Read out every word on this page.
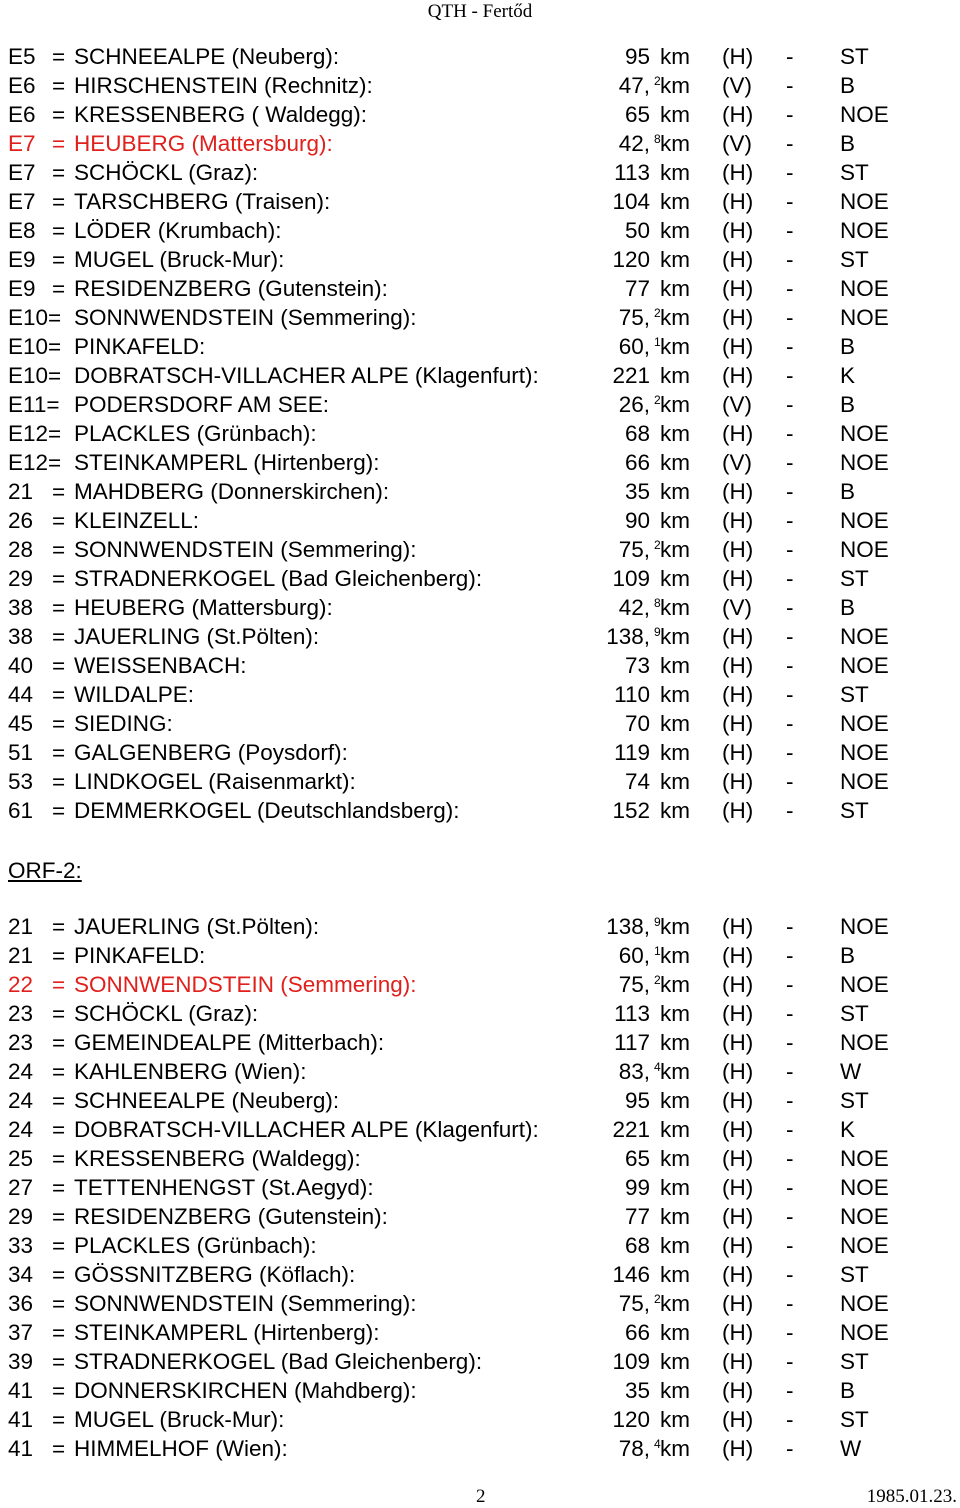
QTH - Fertőd
E5 = SCHNEEALPE (Neuberg):	95 km (H) - ST
E6 = HIRSCHENSTEIN (Rechnitz):	47, 2 km (V) - B
E6 = KRESSENBERG ( Waldegg):	65 km (H) - NOE
E7 = HEUBERG (Mattersburg):	42, 8 km (V) - B
E7 = SCHÖCKL (Graz):	113 km (H) - ST
E7 = TARSCHBERG (Traisen):	104 km (H) - NOE
E8 = LÖDER (Krumbach):	50 km (H) - NOE
E9 = MUGEL (Bruck-Mur):	120 km (H) - ST
E9 = RESIDENZBERG (Gutenstein):	77 km (H) - NOE
E10= SONNWENDSTEIN (Semmering):	75, 2 km (H) - NOE
E10= PINKAFELD:	60, 1 km (H) - B
E10= DOBRATSCH-VILLACHER ALPE (Klagenfurt):	221 km (H) - K
E11= PODERSDORF AM SEE:	26, 2 km (V) - B
E12= PLACKLES (Grünbach):	68 km (H) - NOE
E12= STEINKAMPERL (Hirtenberg):	66 km (V) - NOE
21 = MAHDBERG (Donnerskirchen):	35 km (H) - B
26 = KLEINZELL:	90 km (H) - NOE
28 = SONNWENDSTEIN (Semmering):	75, 2 km (H) - NOE
29 = STRADNERKOGEL (Bad Gleichenberg):	109 km (H) - ST
38 = HEUBERG (Mattersburg):	42, 8 km (V) - B
38 = JAUERLING (St.Pölten):	138, 9 km (H) - NOE
40 = WEISSENBACH:	73 km (H) - NOE
44 = WILDALPE:	110 km (H) - ST
45 = SIEDING:	70 km (H) - NOE
51 = GALGENBERG (Poysdorf):	119 km (H) - NOE
53 = LINDKOGEL (Raisenmarkt):	74 km (H) - NOE
61 = DEMMERKOGEL (Deutschlandsberg):	152 km (H) - ST
ORF-2:
21 = JAUERLING (St.Pölten):	138, 9 km (H) - NOE
21 = PINKAFELD:	60, 1 km (H) - B
22 = SONNWENDSTEIN (Semmering):	75, 2 km (H) - NOE
23 = SCHÖCKL (Graz):	113 km (H) - ST
23 = GEMEINDEALPE (Mitterbach):	117 km (H) - NOE
24 = KAHLENBERG (Wien):	83, 4 km (H) - W
24 = SCHNEEALPE (Neuberg):	95 km (H) - ST
24 = DOBRATSCH-VILLACHER ALPE (Klagenfurt):	221 km (H) - K
25 = KRESSENBERG (Waldegg):	65 km (H) - NOE
27 = TETTENHENGST (St.Aegyd):	99 km (H) - NOE
29 = RESIDENZBERG (Gutenstein):	77 km (H) - NOE
33 = PLACKLES (Grünbach):	68 km (H) - NOE
34 = GÖSSNITZBERG (Köflach):	146 km (H) - ST
36 = SONNWENDSTEIN (Semmering):	75, 2 km (H) - NOE
37 = STEINKAMPERL (Hirtenberg):	66 km (H) - NOE
39 = STRADNERKOGEL (Bad Gleichenberg):	109 km (H) - ST
41 = DONNERSKIRCHEN (Mahdberg):	35 km (H) - B
41 = MUGEL (Bruck-Mur):	120 km (H) - ST
41 = HIMMELHOF (Wien):	78, 4 km (H) - W
2	1985.01.23.
